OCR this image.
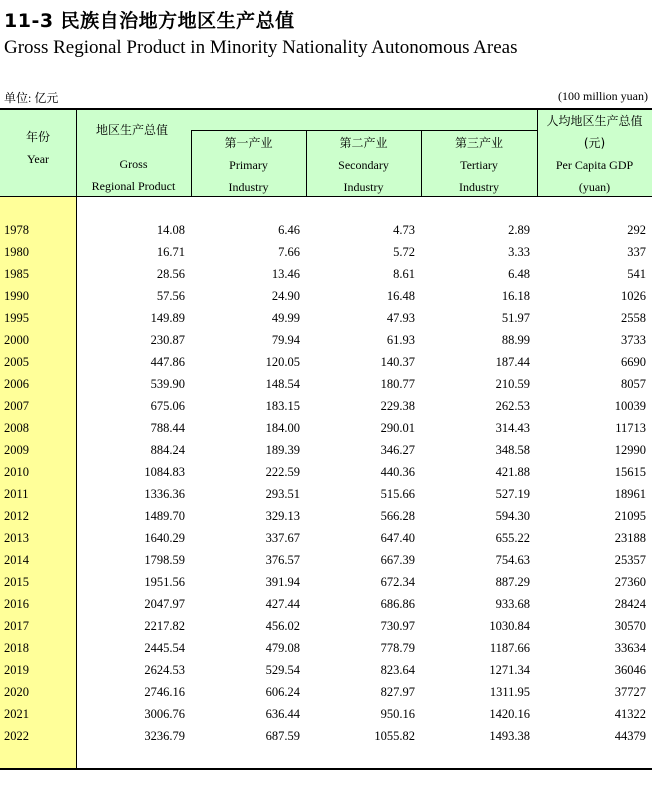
11-3 民族自治地方地区生产总值
Gross Regional Product in Minority Nationality Autonomous Areas
单位: 亿元	(100 million yuan)
年份
Year
地区生产总值
Gross
Regional Product
第一产业
Primary
Industry
第二产业
Secondary
Industry
第三产业
Tertiary
Industry
人均地区生产总值
(元)
Per Capita GDP
(yuan)
1978	14.08	6.46	4.73	2.89	292
1980	16.71	7.66	5.72	3.33	337
1985	28.56	13.46	8.61	6.48	541
1990	57.56	24.90	16.48	16.18	1026
1995	149.89	49.99	47.93	51.97	2558
2000	230.87	79.94	61.93	88.99	3733
2005	447.86	120.05	140.37	187.44	6690
2006	539.90	148.54	180.77	210.59	8057
2007	675.06	183.15	229.38	262.53	10039
2008	788.44	184.00	290.01	314.43	11713
2009	884.24	189.39	346.27	348.58	12990
2010	1084.83	222.59	440.36	421.88	15615
2011	1336.36	293.51	515.66	527.19	18961
2012	1489.70	329.13	566.28	594.30	21095
2013	1640.29	337.67	647.40	655.22	23188
2014	1798.59	376.57	667.39	754.63	25357
2015	1951.56	391.94	672.34	887.29	27360
2016	2047.97	427.44	686.86	933.68	28424
2017	2217.82	456.02	730.97	1030.84	30570
2018	2445.54	479.08	778.79	1187.66	33634
2019	2624.53	529.54	823.64	1271.34	36046
2020	2746.16	606.24	827.97	1311.95	37727
2021	3006.76	636.44	950.16	1420.16	41322
2022	3236.79	687.59	1055.82	1493.38	44379
